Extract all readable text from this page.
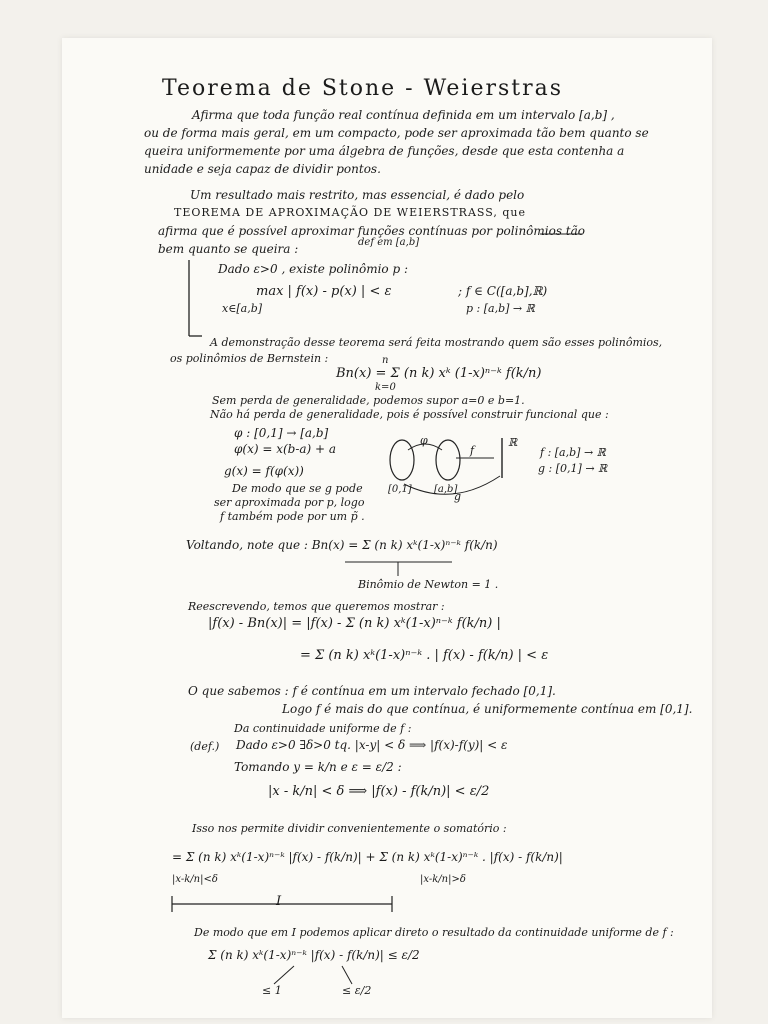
Teorema de Stone - Weierstras
Afirma que toda função real contínua definida em um intervalo [a,b] ,
ou de forma mais geral, em um compacto, pode ser aproximada tão bem quanto se
queira uniformemente por uma álgebra de funções, desde que esta contenha a
unidade e seja capaz de dividir pontos.
Um resultado mais restrito, mas essencial, é dado pelo
TEOREMA DE APROXIMAÇÃO DE WEIERSTRASS, que
afirma que é possível aproximar funções contínuas por polinômios tão
bem quanto se queira :	def em [a,b]
Dado ε>0 , existe polinômio p :
max | f(x) - p(x) | < ε
x∈[a,b]
; f ∈ C([a,b],ℝ)
p : [a,b] → ℝ
A demonstração desse teorema será feita mostrando quem são esses polinômios,
os polinômios de Bernstein :
Bn(x) = Σ (n k) xᵏ (1-x)ⁿ⁻ᵏ f(k/n)
n
k=0
Sem perda de generalidade, podemos supor a=0 e b=1.
Não há perda de generalidade, pois é possível construir funcional que :
φ : [0,1] → [a,b]
φ(x) = x(b-a) + a
g(x) = f(φ(x))
De modo que se g pode
ser aproximada por p, logo
f também pode por um p̃ .
φ
f
ℝ
[0,1] [a,b]
g
f : [a,b] → ℝ
g : [0,1] → ℝ
Voltando, note que : Bn(x) = Σ (n k) xᵏ(1-x)ⁿ⁻ᵏ f(k/n)
Binômio de Newton = 1 .
Reescrevendo, temos que queremos mostrar :
|f(x) - Bn(x)| = |f(x) - Σ (n k) xᵏ(1-x)ⁿ⁻ᵏ f(k/n) |
= Σ (n k) xᵏ(1-x)ⁿ⁻ᵏ . | f(x) - f(k/n) | < ε
O que sabemos : f é contínua em um intervalo fechado [0,1].
Logo f é mais do que contínua, é uniformemente contínua em [0,1].
Da continuidade uniforme de f :
(def.) Dado ε>0 ∃δ>0 tq. |x-y| < δ ⟹ |f(x)-f(y)| < ε
Tomando y = k/n e ε = ε/2 :
|x - k/n| < δ ⟹ |f(x) - f(k/n)| < ε/2
Isso nos permite dividir convenientemente o somatório :
= Σ (n k) xᵏ(1-x)ⁿ⁻ᵏ |f(x) - f(k/n)| + Σ (n k) xᵏ(1-x)ⁿ⁻ᵏ . |f(x) - f(k/n)|
|x-k/n|<δ	|x-k/n|>δ
I
De modo que em I podemos aplicar direto o resultado da continuidade uniforme de f :
Σ (n k) xᵏ(1-x)ⁿ⁻ᵏ |f(x) - f(k/n)| ≤ ε/2
≤ 1	≤ ε/2
